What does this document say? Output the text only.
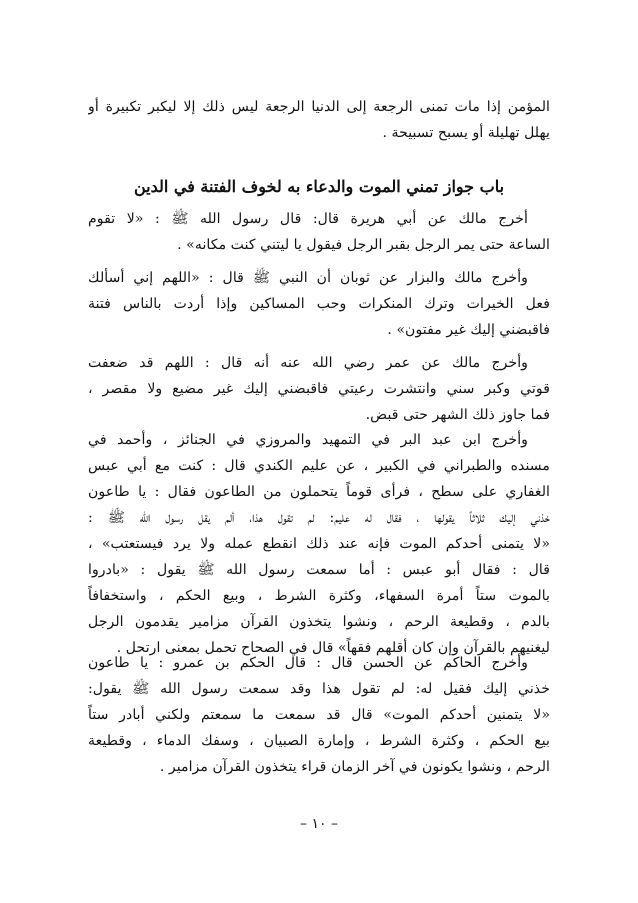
المؤمن إذا مات تمنى الرجعة إلى الدنيا الرجعة ليس ذلك إلا ليكبر تكبيرة أو
يهلل تهليلة أو يسبح تسبيحة .
باب جواز تمني الموت والدعاء به لخوف الفتنة في الدين
أخرج مالك عن أبي هريرة قال: قال رسول الله ﷺ : «لا تقوم
الساعة حتى يمر الرجل بقبر الرجل فيقول يا ليتني كنت مكانه» .
وأخرج مالك والبزار عن ثوبان أن النبي ﷺ قال : «اللهم إني أسألك
فعل الخيرات وترك المنكرات وحب المساكين وإذا أردت بالناس فتنة
فاقبضني إليك غير مفتون» .
وأخرج مالك عن عمر رضي الله عنه أنه قال : اللهم قد ضعفت
قوتي وكبر سني وانتشرت رعيتي فاقبضني إليك غير مضيع ولا مقصر ،
فما جاوز ذلك الشهر حتى قبض.
وأخرج ابن عبد البر في التمهيد والمروزي في الجنائز ، وأحمد في
مسنده والطبراني في الكبير ، عن عليم الكندي قال : كنت مع أبي عبس
الغفاري على سطح ، فرأى قوماً يتحملون من الطاعون فقال : يا طاعون
خذني إليك ثلاثاً يقولها ، فقال له عليم: لم تقول هذا، ألم يقل رسول الله ﷺ :
«لا يتمنى أحدكم الموت فإنه عند ذلك انقطع عمله ولا يرد فيستعتب» ،
قال : فقال أبو عبس : أما سمعت رسول الله ﷺ يقول : «بادروا
بالموت ستاً أمرة السفهاء، وكثرة الشرط ، وبيع الحكم ، واستخفافاً
بالدم ، وقطيعة الرحم ، ونشوا يتخذون القرآن مزامير يقدمون الرجل
ليغنيهم بالقرآن وإن كان أقلهم فقهاً» قال في الصحاح تحمل بمعنى ارتحل .
وأخرج الحاكم عن الحسن قال : قال الحكم بن عمرو : يا طاعون
خذني إليك فقيل له: لم تقول هذا وقد سمعت رسول الله ﷺ يقول:
«لا يتمنين أحدكم الموت» قال قد سمعت ما سمعتم ولكني أبادر ستاً
بيع الحكم ، وكثرة الشرط ، وإمارة الصبيان ، وسفك الدماء ، وقطيعة
الرحم ، ونشوا يكونون في آخر الزمان قراء يتخذون القرآن مزامير .
– ١٠ –
